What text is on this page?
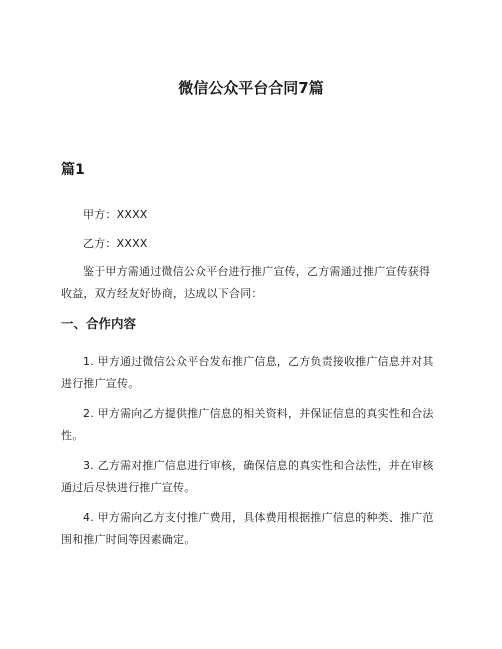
微信公众平台合同7篇
篇1

甲方：XXXX

乙方：XXXX

鉴于甲方需通过微信公众平台进行推广宣传，乙方需通过推广宣传获得收益，双方经友好协商，达成以下合同：

一、合作内容

1. 甲方通过微信公众平台发布推广信息，乙方负责接收推广信息并对其进行推广宣传。

2. 甲方需向乙方提供推广信息的相关资料，并保证信息的真实性和合法性。

3. 乙方需对推广信息进行审核，确保信息的真实性和合法性，并在审核通过后尽快进行推广宣传。

4. 甲方需向乙方支付推广费用，具体费用根据推广信息的种类、推广范围和推广时间等因素确定。
